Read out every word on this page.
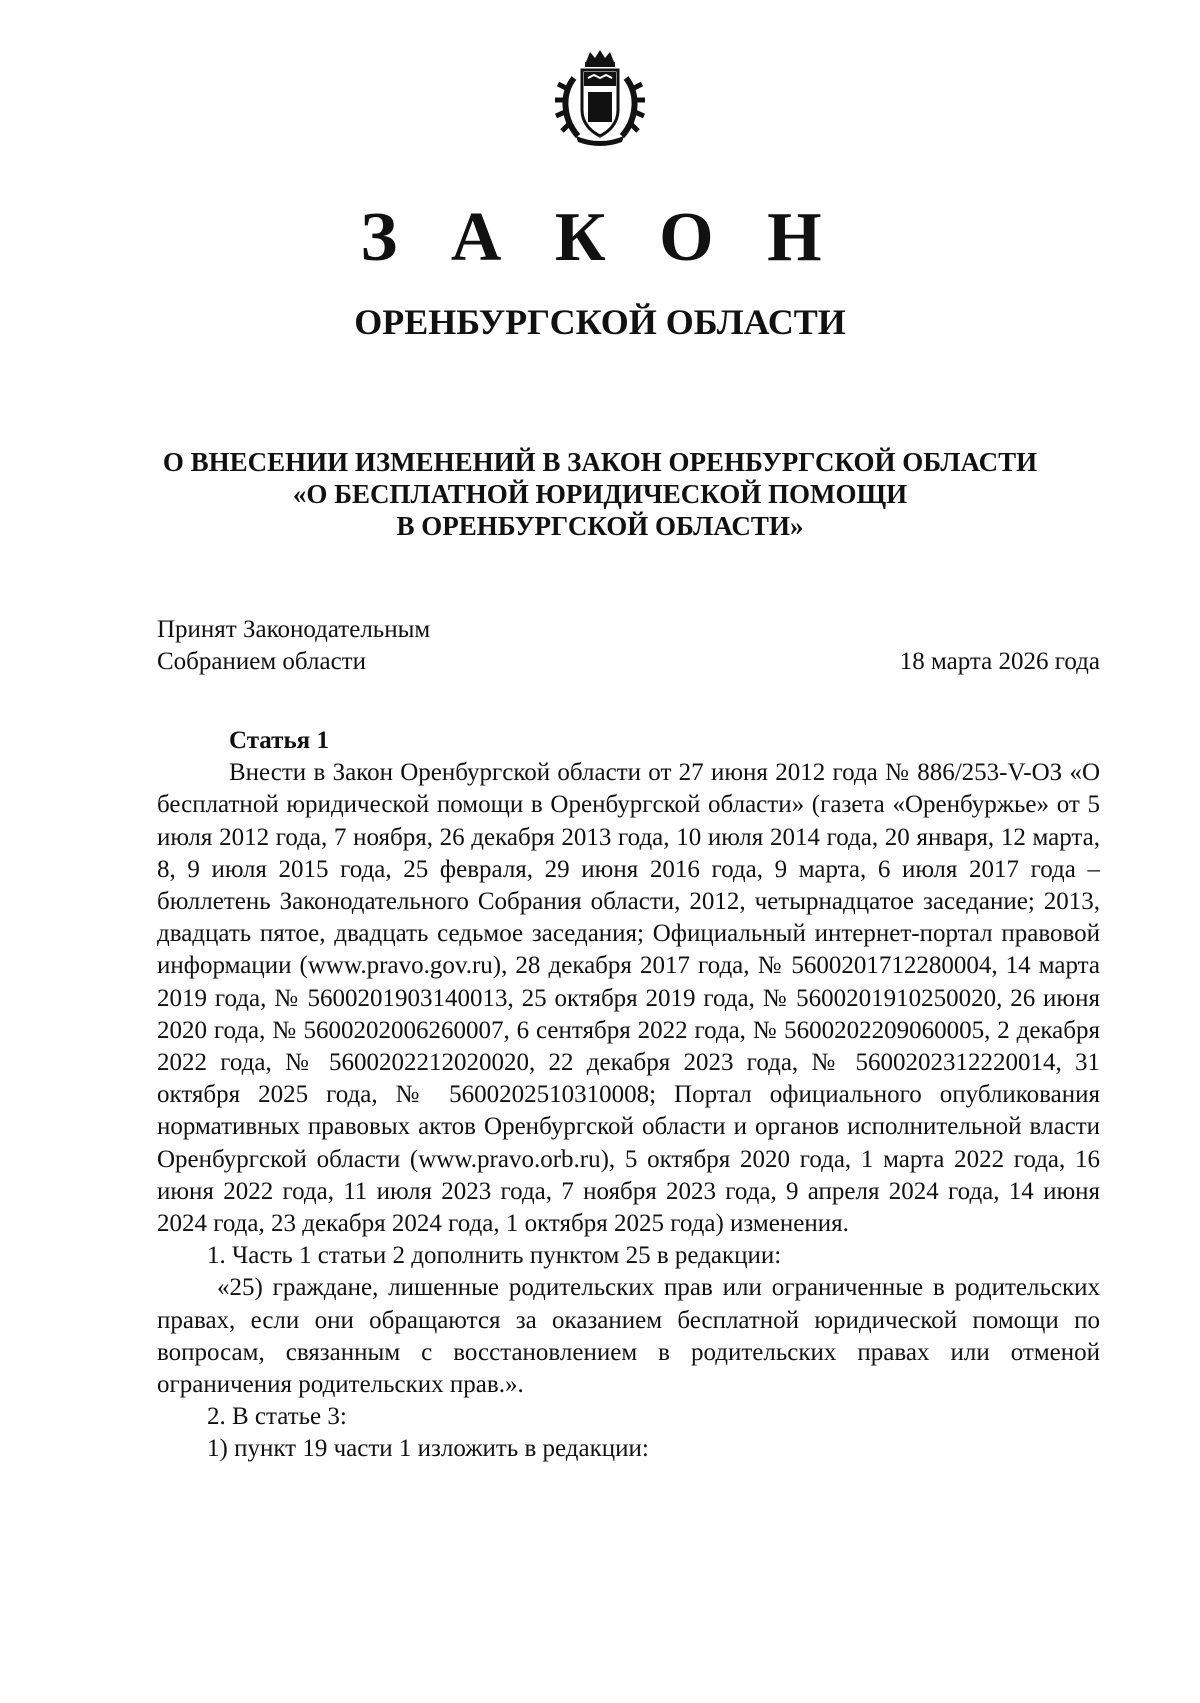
З А К О Н
ОРЕНБУРГСКОЙ ОБЛАСТИ
О ВНЕСЕНИИ ИЗМЕНЕНИЙ В ЗАКОН ОРЕНБУРГСКОЙ ОБЛАСТИ
«О БЕСПЛАТНОЙ ЮРИДИЧЕСКОЙ ПОМОЩИ
В ОРЕНБУРГСКОЙ ОБЛАСТИ»
Принят Законодательным
Собранием области	18 марта 2026 года
Статья 1

Внести в Закон Оренбургской области от 27 июня 2012 года № 886/253-V-ОЗ «О бесплатной юридической помощи в Оренбургской области» (газета «Оренбуржье» от 5 июля 2012 года, 7 ноября, 26 декабря 2013 года, 10 июля 2014 года, 20 января, 12 марта, 8, 9 июля 2015 года, 25 февраля, 29 июня 2016 года, 9 марта, 6 июля 2017 года – бюллетень Законодательного Собрания области, 2012, четырнадцатое заседание; 2013, двадцать пятое, двадцать седьмое заседания; Официальный интернет-портал правовой информации (www.pravo.gov.ru), 28 декабря 2017 года, № 5600201712280004, 14 марта 2019 года, № 5600201903140013, 25 октября 2019 года, № 5600201910250020, 26 июня 2020 года, № 5600202006260007, 6 сентября 2022 года, № 5600202209060005, 2 декабря 2022 года, № 5600202212020020, 22 декабря 2023 года, № 5600202312220014, 31 октября 2025 года, № 5600202510310008; Портал официального опубликования нормативных правовых актов Оренбургской области и органов исполнительной власти Оренбургской области (www.pravo.orb.ru), 5 октября 2020 года, 1 марта 2022 года, 16 июня 2022 года, 11 июля 2023 года, 7 ноября 2023 года, 9 апреля 2024 года, 14 июня 2024 года, 23 декабря 2024 года, 1 октября 2025 года) изменения.

1. Часть 1 статьи 2 дополнить пунктом 25 в редакции:

«25) граждане, лишенные родительских прав или ограниченные в родительских правах, если они обращаются за оказанием бесплатной юридической помощи по вопросам, связанным с восстановлением в родительских правах или отменой ограничения родительских прав.».

2. В статье 3:

1) пункт 19 части 1 изложить в редакции:
